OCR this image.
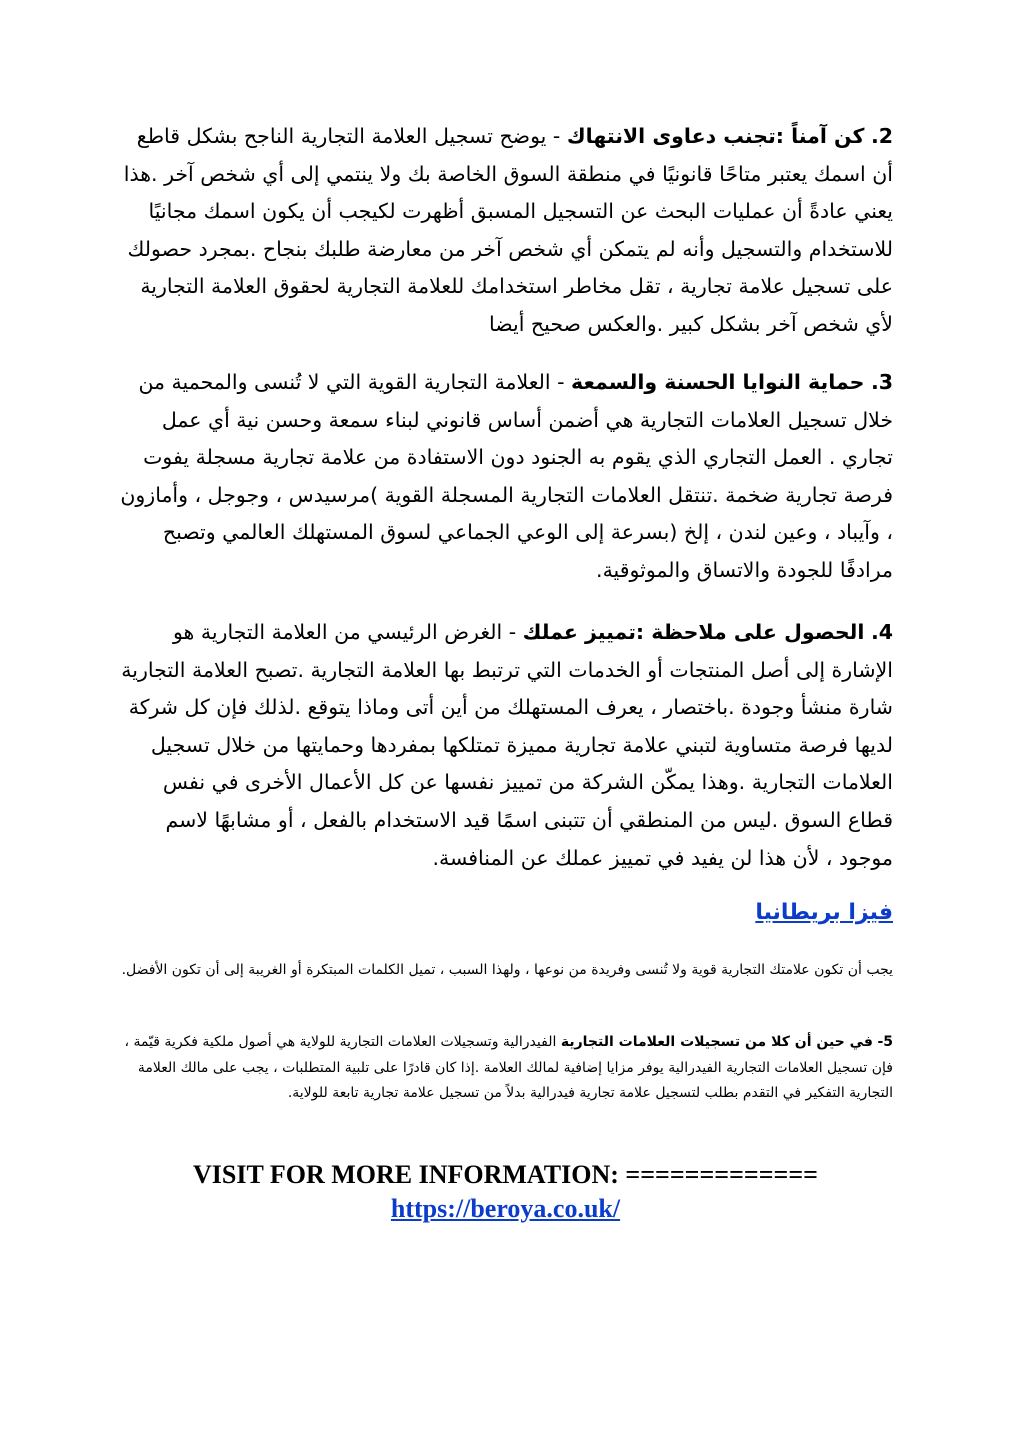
2. كن آمناً :تجنب دعاوى الانتهاك - يوضح تسجيل العلامة التجارية الناجح بشكل قاطع أن اسمك يعتبر متاحًا قانونيًا في منطقة السوق الخاصة بك ولا ينتمي إلى أي شخص آخر .هذا يعني عادةً أن عمليات البحث عن التسجيل المسبق أظهرت لكيجب أن يكون اسمك مجانيًا للاستخدام والتسجيل وأنه لم يتمكن أي شخص آخر من معارضة طلبك بنجاح .بمجرد حصولك على تسجيل علامة تجارية ، تقل مخاطر استخدامك للعلامة التجارية لحقوق العلامة التجارية لأي شخص آخر بشكل كبير .والعكس صحيح أيضا

3. حماية النوايا الحسنة والسمعة - العلامة التجارية القوية التي لا تُنسى والمحمية من خلال تسجيل العلامات التجارية هي أضمن أساس قانوني لبناء سمعة وحسن نية أي عمل تجاري . العمل التجاري الذي يقوم به الجنود دون الاستفادة من علامة تجارية مسجلة يفوت فرصة تجارية ضخمة .تنتقل العلامات التجارية المسجلة القوية )مرسيدس ، وجوجل ، وأمازون ، وآيباد ، وعين لندن ، إلخ (بسرعة إلى الوعي الجماعي لسوق المستهلك العالمي وتصبح مرادفًا للجودة والاتساق والموثوقية.

4. الحصول على ملاحظة :تمييز عملك - الغرض الرئيسي من العلامة التجارية هو الإشارة إلى أصل المنتجات أو الخدمات التي ترتبط بها العلامة التجارية .تصبح العلامة التجارية شارة منشأ وجودة .باختصار ، يعرف المستهلك من أين أتى وماذا يتوقع .لذلك فإن كل شركة لديها فرصة متساوية لتبني علامة تجارية مميزة تمتلكها بمفردها وحمايتها من خلال تسجيل العلامات التجارية .وهذا يمكّن الشركة من تمييز نفسها عن كل الأعمال الأخرى في نفس قطاع السوق .ليس من المنطقي أن تتبنى اسمًا قيد الاستخدام بالفعل ، أو مشابهًا لاسم موجود ، لأن هذا لن يفيد في تمييز عملك عن المنافسة.

فيزا بريطانيا

يجب أن تكون علامتك التجارية قوية ولا تُنسى وفريدة من نوعها ، ولهذا السبب ، تميل الكلمات المبتكرة أو الغريبة إلى أن تكون الأفضل.

5- في حين أن كلا من تسجيلات العلامات التجارية الفيدرالية وتسجيلات العلامات التجارية للولاية هي أصول ملكية فكرية قيّمة ، فإن تسجيل العلامات التجارية الفيدرالية يوفر مزايا إضافية لمالك العلامة .إذا كان قادرًا على تلبية المتطلبات ، يجب على مالك العلامة التجارية التفكير في التقدم بطلب لتسجيل علامة تجارية فيدرالية بدلاً من تسجيل علامة تجارية تابعة للولاية.

VISIT FOR MORE INFORMATION: =============
https://beroya.co.uk/
